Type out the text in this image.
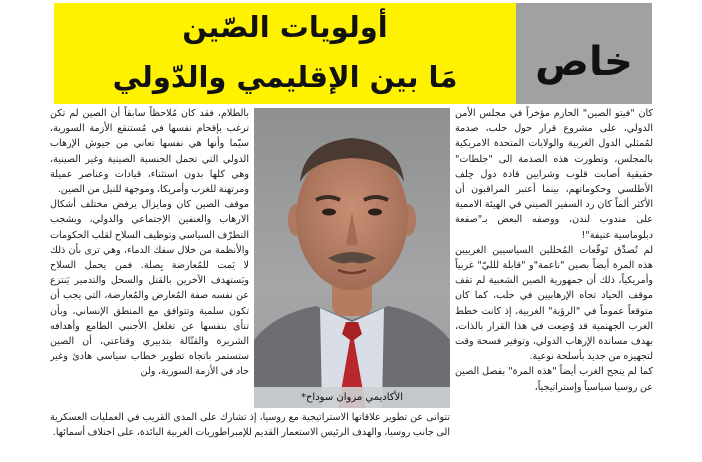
أولويات الصّين
مَا بين الإقليمي والدّولي	خاص

كان "فيتو الصين" الحازم مؤخراً في مجلس الأمن الدولي، على مشروع قرار حول حلب، صدمة لمُمثلي الدول الغربية والولايات المتحدة الامريكية بالمجلس، وتطورت هذه الصدمة الى "جلطات" حقيقية أصابت قلوب وشرايين قادة دول حِلف الأطلسي وحكوماتهم، بينما أعتبر المراقبون أن الأكثر ألماً كان رد السفير الصيني في الهيئة الاممية على مندوب لندن، ووصفه البعض بـ"صفعة دبلوماسية عنيفة"!

لم تُصدِّق تَوقّعات المُحللين السياسيين الغربيين هذه المرة أيضاً بصين "ناعمة"و "قابلة للليّ" غربياً وأمريكياً، ذلك أن جمهورية الصين الشعبية لم تقف موقف الحياد تجاه الإرهابيين في حلب، كما كان متوقعاً عموماً في "الرؤية" الغربية، إذ كانت خطط الغرب الجهنمية قد وُضِعت في هذا القرار بالذات، بهدف مساندة الإرهاب الدولي، وتوفير فسحة وقت لتجهيزه من جديد بأسلحة نوعية.

كما لم ينجح الغرب أيضاً "هذه المرة" بفصل الصين عن روسيا سياسياً وإستراتيجياً،

بالطلام، فقد كان مُلاحظاً سابقاً أن الصين لم تكن ترغب بإقحام نفسها في مُستنقع الأزمة السورية، سيّما وأنها هي نفسها تعاني من جيوش الإرهاب الدولي التي تحمل الجنسية الصينية وغير الصينية، وهي كلها بدون استثناء، قيادات وعناصر عميلة ومرتهنة للغرب وأمريكا، وموجهة للنيل من الصين.

موقف الصين كان ومايزال يرفض مختلف أشكال الارهاب والعنفين الإجتماعي والدولي، ويشجب التطرّف السياسي وتوظيف السلاح لقلب الحكومات والأنظمة من خلال سفك الدماء، وهي ترى بأن ذلك لا يَمت للمُعارضة بِصلة. فمن يحمل السلاح ويَستهدف الآخرين بالقتل والسحل والتدمير يَنتزع عن نفسه صفة المُعارض والمُعارضة، التي يجب أن تكون سلمية وتتوافق مع المنطق الإنساني، وبأن تنأى بنفسها عن تغلغل الأجنبي الطامع وأهدافه الشريرة والقتّالة بتدبيري وقناعتي، أن الصين ستستمر باتجاه تطوير خطاب سياسي هادئ وغير حاد في الأزمة السورية، ولن

تتوانى عن تطوير علاقاتها الاستراتيجية مع روسيا، إذ تشارك على المدى القريب في العمليات العسكرية الى جانب روسيا، والهدف الرئيس الاستعمار القديم للإمبراطوريات الغربية البائدة، على اختلاف أسمائها.

الأكاديمي مروان سوداح*
